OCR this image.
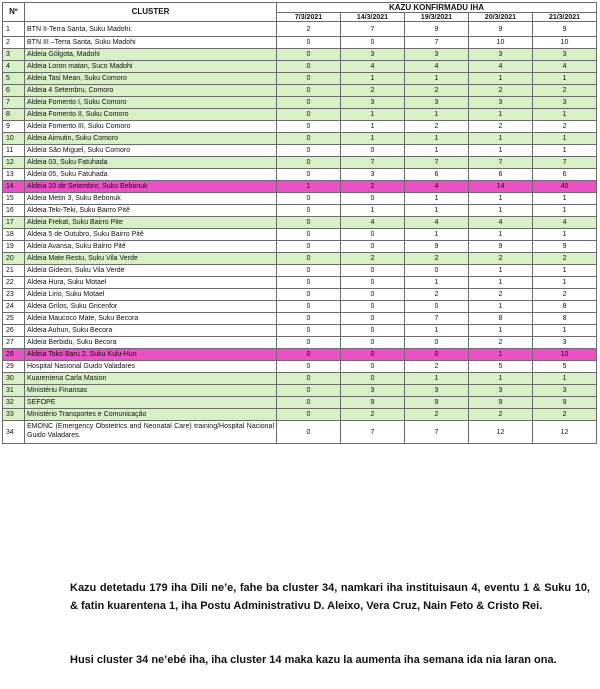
Nº	CLUSTER	KAZU KONFIRMADU IHA				
		7/3/2021	14/3/2021	19/3/2021	20/3/2021	21/3/2021
1	BTN II-Terra Santa, Suku Madohi:	2	7	9	9	9
2	BTN III –Terra Santa, Suku Madohi	0	0	7	10	10
3	Aldeia Gólgota, Madohi	0	3	3	3	3
4	Aldeia Loron matan, Suco Madohi	0	4	4	4	4
5	Aldeia Tasi Mean, Suku Comoro	0	1	1	1	1
6	Aldeia 4 Setembru, Comoro	0	2	2	2	2
7	Aldeia Fomento I, Suku Comoro	0	3	3	3	3
8	Aldeia Fomento II, Suku Comoro	0	1	1	1	1
9	Aldeia Fomento III, Suku Comoro	0	1	2	2	2
10	Aldeia Aimutin, Suku Comoro	0	1	1	1	1
11	Aldeia São Miguel, Suku Comoro	0	0	1	1	1
12	Aldeia 03, Suku Fatuhada	0	7	7	7	7
13	Aldeia 05, Suku Fatuhada	0	3	6	6	6
14	Aldeia 20 de Setembro, Suku Bebonuk	1	2	4	14	40
15	Aldeia Metin 3, Suku Bebonuk	0	0	1	1	1
16	Aldeia Teki-Teki, Suku Bairro Pitê	0	1	1	1	1
17	Aldeia Frekat, Suku Bairro Pite	0	4	4	4	4
18	Aldeia 5 de Outubro, Suku Bairro Pitê	0	0	1	1	1
19	Aldeia Avansa, Suku Bairro Pitê	0	0	9	9	9
20	Aldeia Mate Restu, Suku Vila Verde	0	2	2	2	2
21	Aldeia Gideon, Suku Vila Verde	0	0	0	1	1
22	Aldeia Hura, Suku Motael	0	0	1	1	1
23	Aldeia Lirio, Suku Motael	0	0	2	2	2
24	Aldeia Grilos, Suku Gricenfor	0	0	0	1	8
25	Aldeia Maucoco Mate, Suku Becora	0	0	7	8	8
26	Aldeia Auhun, Suku Becora	0	0	1	1	1
27	Aldeia Berbidu, Suku Becora	0	0	0	2	3
28	Aldeia Toko Baru 2, Suku Kulu-Hun	0	0	0	1	10
29	Hospital Nasional Guido Valadares	0	0	2	5	5
30	Kuarentena Carla Masion	0	0	1	1	1
31	Ministériu Finansas	0	3	3	3	3
32	SEFOPE	0	9	9	9	9
33	Ministério Transportes e Comunicação	0	2	2	2	2
34	EMONC (Emergency Obstetrics and Neonatal Care) training/Hospital Nacional Guido Valadares.	0	7	7	12	12

Kazu detetadu 179 iha Dili ne’e, fahe ba cluster 34, namkari iha instituisaun 4, eventu 1 & Suku 10, & fatin kuarentena 1, iha Postu Administrativu D. Aleixo, Vera Cruz, Nain Feto & Cristo Rei.

Husi cluster 34 ne’ebé iha, iha cluster 14 maka kazu la aumenta iha semana ida nia laran ona.
